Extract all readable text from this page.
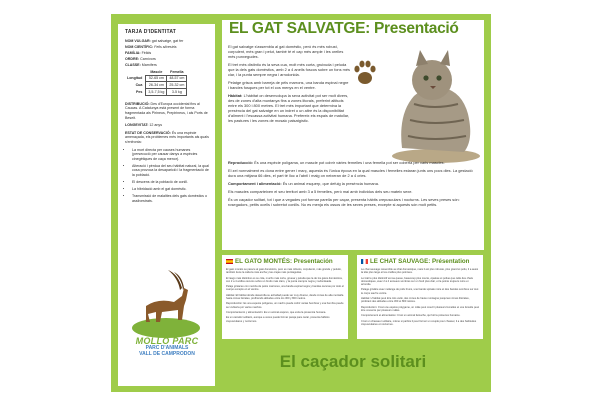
TARJA D'IDENTITAT
NOM VULGAR: gat salvatge, gat fer
NOM CIENTÍFIC: Felis silvestris
FAMÍLIA: Fèlids
ORDRE: Carnívors
CLASSE: Mamífers
	Mascle	Femella
Longitud	52-65 cm	48-57 cm
Cua	26-34 cm	25-32 cm
Pes	3,5-7,5 kg	3-5 kg
DISTRIBUCIÓ: Des d'Europa occidental fins al Caucas. A Catalunya està present de forma fragmentada als Pirineus, Prepirineus, i als Ports de Beseit.
LONGEVITAT: 12 anys
ESTAT DE CONSERVACIÓ: És una espècie amenaçada, els problemes més importants als quals s'enfronta:
• La mort directa per causes humanes (persecució per causar danys a espècies cinegètiques de caça menor).
• Alteració i pèrdua del seu hàbitat natural, la qual cosa provoca la desaparició i la fragmentació de la població.
• El descens de la població de conill.
• La hibridació amb el gat domèstic.
• Transmissió de malalties dels gats domèstics o assilvestrats.
MOLLÓ PARC
PARC D'ANIMALS
VALL DE CAMPRODON
EL GAT SALVATGE: Presentació

El gat salvatge s'assembla al gat domèstic, però és més robust, corpulent, més gran i pelut, també té el cap més ample i les orelles més punxegudes.

El tret més distintiu és la seva cua, molt més curta, gruixuda i peluda que la dels gats domèstics, amb 2 a 4 anells foscos sobre un fons més clar, i la punta sempre negra i arrodonida.

Pelatge grisos amb barreja de pèls marrons, una banda espinal negre i bandes fosques per tot el cos menys en el ventre.

Hàbitat: L'hàbitat on desenvolupa la seva activitat pot ser molt divers, des de zones d'alta muntanya fins a zones litorals, preferint altituds entre els 300 i 800 metres. El tret més important que determina la presència del gat salvatge en un indret o un altre és la disponibilitat d'aliment i l'escassa activitat humana. Prefereix els espais de matollar, les pastures i les zones de mosaic paisatgístic.

Reproducció: És una espècie polígama, un mascle pot cobrir vàries femelles i una femella pot ser coberta per varis mascles.

El zel normalment es dona entre gener i març, aquesta és l'única època en la qual mascles i femelles estaran junts uns pocs dies. La gestació dura una mitjana 66 dies, el part té lloc a l'abril i maig on neixeran de 2 a 4 cries.

Comportament i alimentació: És un animal esquerp, que defuig la presència humana.

Els mascles comparteixen el seu territori amb 3 a 5 femelles, però mai amb individus dels seu mateix sexe.

És un caçador solitari, tot i que a vegades pot formar parella per caçar, presenta hàbits crepusculars i nocturns. Les seves preses són: rosegadors, petits ocells i sobretot conills. No es menja els ossos de les seves preses, excepte si aquests són molt petits.

EL GATO MONTÉS: Presentación

El gato montés se parece al gato doméstico, pero es más robusto, corpulento, más grande y peludo, también tiene la cabeza más ancha y las orejas más puntiagudas.

El rasgo más distintivo es su cola, mucho más corta, gruesa y peluda que la de los gatos domésticos, con 2 a 4 anillos oscuros sobre un fondo más claro, y la punta siempre negra y redondeada.

Pelaje grisáceo con mezcla de pelos marrones, una banda espinal negra y bandas oscuras por todo el cuerpo excepto en el vientre.

Hábitat: El hábitat donde desarrolla su actividad puede ser muy diverso, desde zonas de alta montaña hasta zonas litorales, prefiriendo altitudes entre los 300 y 800 metros.

Reproducción: Es una especie polígama, un macho puede cubrir varias hembras y una hembra puede ser cubierta por varios machos.

Comportamiento y alimentación: Es un animal esquivo, que evita la presencia humana.

Es un cazador solitario, aunque a veces puede formar pareja para cazar, presenta hábitos crepusculares y nocturnos.

LE CHAT SAUVAGE: Présentation

Le chat sauvage ressemble au chat domestique, mais il est plus robuste, plus grand et poilu, il a aussi la tête plus large et les oreilles plus pointues.

Le trait le plus distinctif est sa queue, beaucoup plus courte, épaisse et poilue que celle des chats domestiques, avec 2 à 4 anneaux sombres sur un fond plus clair, et la pointe toujours noire et arrondie.

Pelage grisâtre avec mélange de poils bruns, une bande spinale noire et des bandes sombres sur tout le corps sauf le ventre.

Habitat: L'habitat peut être très varié, des zones de haute montagne jusqu'aux zones littorales, préférant des altitudes entre 300 et 800 mètres.

Reproduction: C'est une espèce polygame, un mâle peut couvrir plusieurs femelles et une femelle peut être couverte par plusieurs mâles.

Comportement et alimentation: C'est un animal farouche, qui fuit la présence humaine.

C'est un chasseur solitaire, même si parfois il peut former un couple pour chasser, il a des habitudes crépusculaires et nocturnes.

El caçador solitari
